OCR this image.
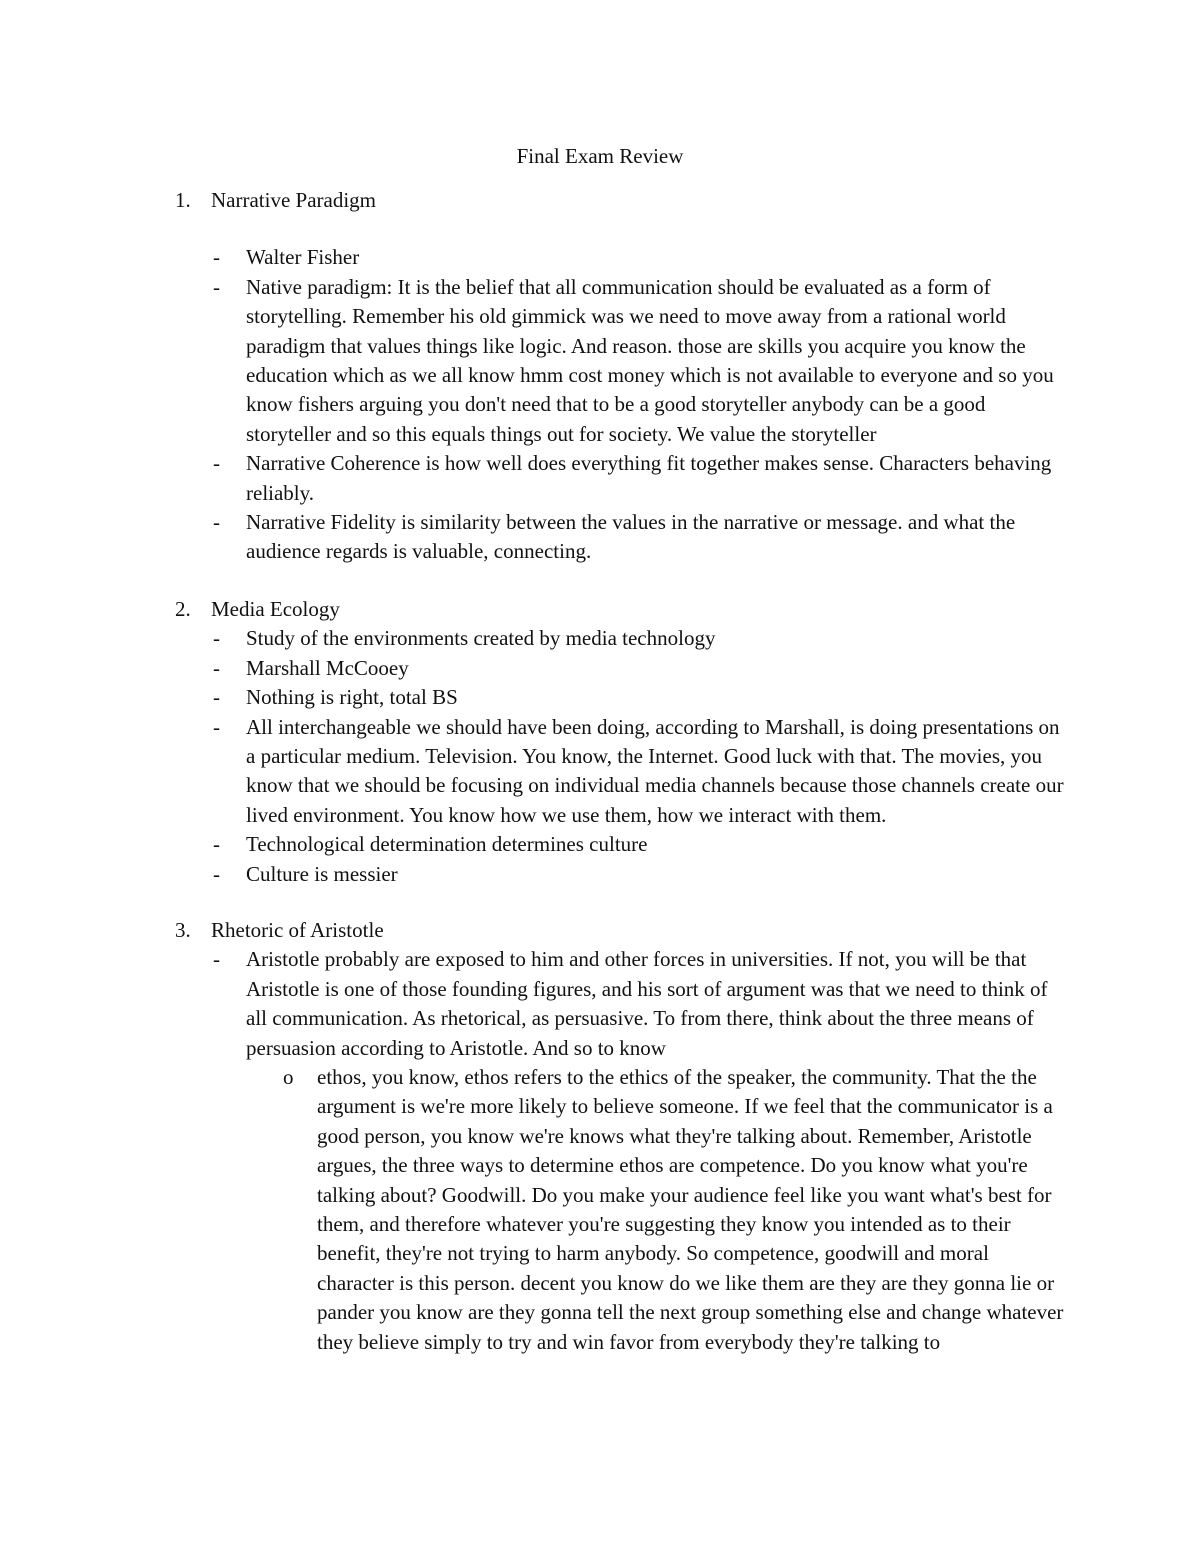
Final Exam Review
1. Narrative Paradigm
- Walter Fisher
- Native paradigm: It is the belief that all communication should be evaluated as a form of storytelling. Remember his old gimmick was we need to move away from a rational world paradigm that values things like logic. And reason. those are skills you acquire you know the education which as we all know hmm cost money which is not available to everyone and so you know fishers arguing you don't need that to be a good storyteller anybody can be a good storyteller and so this equals things out for society. We value the storyteller
- Narrative Coherence is how well does everything fit together makes sense. Characters behaving reliably.
- Narrative Fidelity is similarity between the values in the narrative or message. and what the audience regards is valuable, connecting.
2. Media Ecology
- Study of the environments created by media technology
- Marshall McCooey
- Nothing is right, total BS
- All interchangeable we should have been doing, according to Marshall, is doing presentations on a particular medium. Television. You know, the Internet. Good luck with that. The movies, you know that we should be focusing on individual media channels because those channels create our lived environment. You know how we use them, how we interact with them.
- Technological determination determines culture
- Culture is messier
3. Rhetoric of Aristotle
- Aristotle probably are exposed to him and other forces in universities. If not, you will be that Aristotle is one of those founding figures, and his sort of argument was that we need to think of all communication. As rhetorical, as persuasive. To from there, think about the three means of persuasion according to Aristotle. And so to know
o ethos, you know, ethos refers to the ethics of the speaker, the community. That the the argument is we're more likely to believe someone. If we feel that the communicator is a good person, you know we're knows what they're talking about. Remember, Aristotle argues, the three ways to determine ethos are competence. Do you know what you're talking about? Goodwill. Do you make your audience feel like you want what's best for them, and therefore whatever you're suggesting they know you intended as to their benefit, they're not trying to harm anybody. So competence, goodwill and moral character is this person. decent you know do we like them are they are they gonna lie or pander you know are they gonna tell the next group something else and change whatever they believe simply to try and win favor from everybody they're talking to
